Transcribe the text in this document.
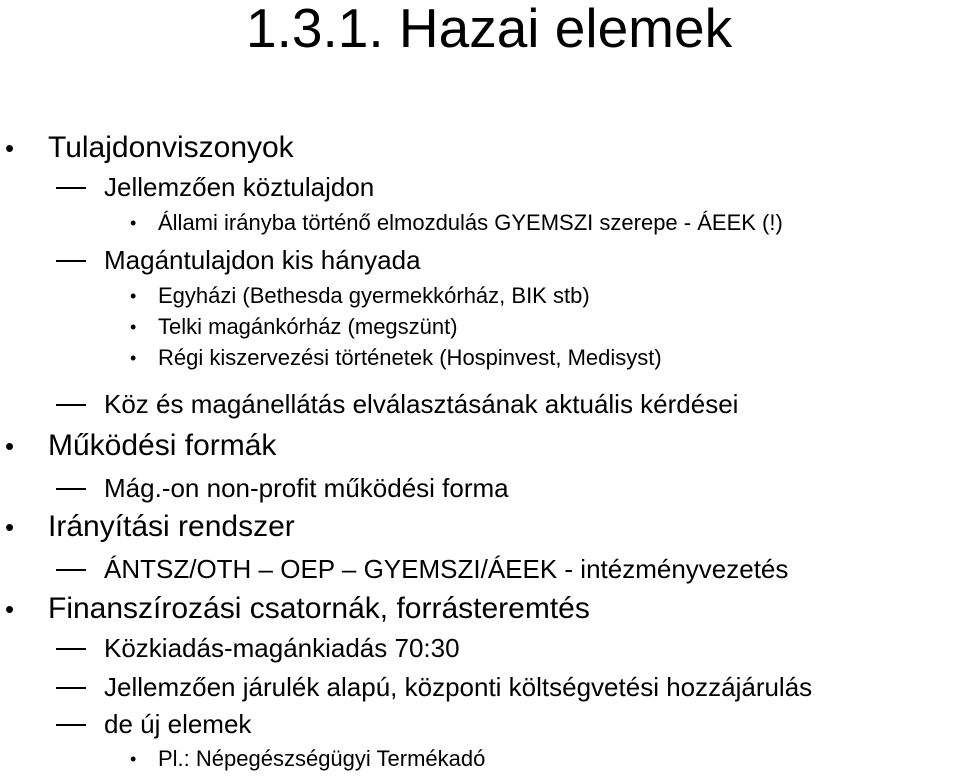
1.3.1. Hazai elemek
• Tulajdonviszonyok
Jellemzően köztulajdon
• Állami irányba történő elmozdulás GYEMSZI szerepe - ÁEEK (!)
Magántulajdon kis hányada
• Egyházi (Bethesda gyermekkórház, BIK stb)
• Telki magánkórház (megszünt)
• Régi kiszervezési történetek (Hospinvest, Medisyst)
Köz és magánellátás elválasztásának aktuális kérdései
• Működési formák
Mág.-on non-profit működési forma
• Irányítási rendszer
ÁNTSZ/OTH – OEP – GYEMSZI/ÁEEK - intézményvezetés
• Finanszírozási csatornák, forrásteremtés
Közkiadás-magánkiadás 70:30
Jellemzően járulék alapú, központi költségvetési hozzájárulás
de új elemek
• Pl.: Népegészségügyi Termékadó
